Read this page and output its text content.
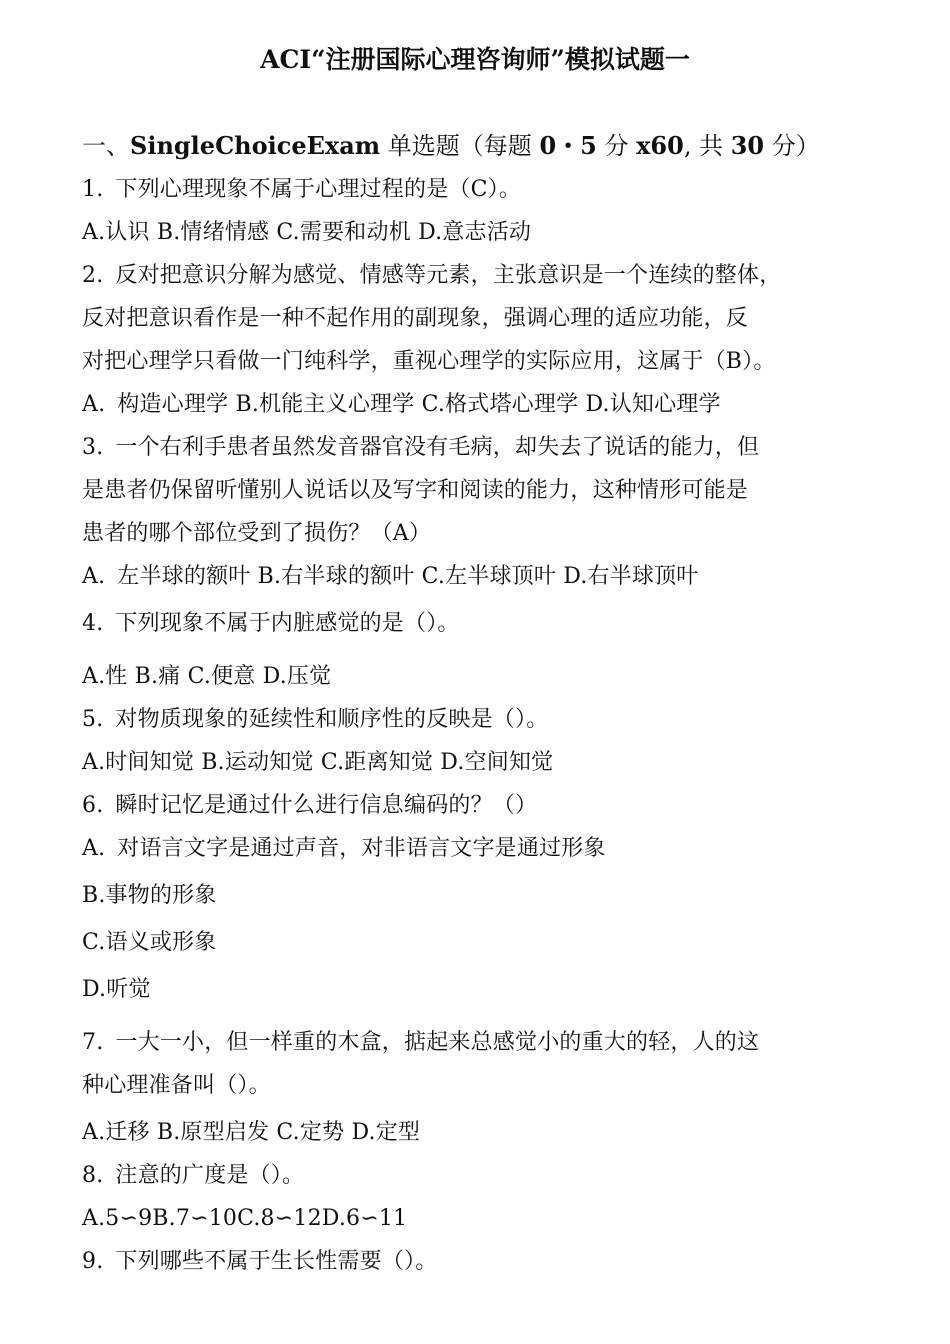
ACI“注册国际心理咨询师”模拟试题一
一、SingleChoiceExam 单选题（每题 0・5 分 x60, 共 30 分）
1. 下列心理现象不属于心理过程的是（C）。
A.认识 B.情绪情感 C.需要和动机 D.意志活动
2. 反对把意识分解为感觉、情感等元素，主张意识是一个连续的整体，
反对把意识看作是一种不起作用的副现象，强调心理的适应功能，反
对把心理学只看做一门纯科学，重视心理学的实际应用，这属于（B）。
A. 构造心理学 B.机能主义心理学 C.格式塔心理学 D.认知心理学
3. 一个右利手患者虽然发音器官没有毛病，却失去了说话的能力，但
是患者仍保留听懂别人说话以及写字和阅读的能力，这种情形可能是
患者的哪个部位受到了损伤？（A）
A. 左半球的额叶 B.右半球的额叶 C.左半球顶叶 D.右半球顶叶
4. 下列现象不属于内脏感觉的是（）。
A.性 B.痛 C.便意 D.压觉
5. 对物质现象的延续性和顺序性的反映是（）。
A.时间知觉 B.运动知觉 C.距离知觉 D.空间知觉
6. 瞬时记忆是通过什么进行信息编码的？（）
A. 对语言文字是通过声音，对非语言文字是通过形象
B.事物的形象
C.语义或形象
D.听觉
7. 一大一小，但一样重的木盒，掂起来总感觉小的重大的轻，人的这
种心理准备叫（）。
A.迁移 B.原型启发 C.定势 D.定型
8. 注意的广度是（）。
A.5∽9B.7∽10C.8∽12D.6∽11
9. 下列哪些不属于生长性需要（）。
